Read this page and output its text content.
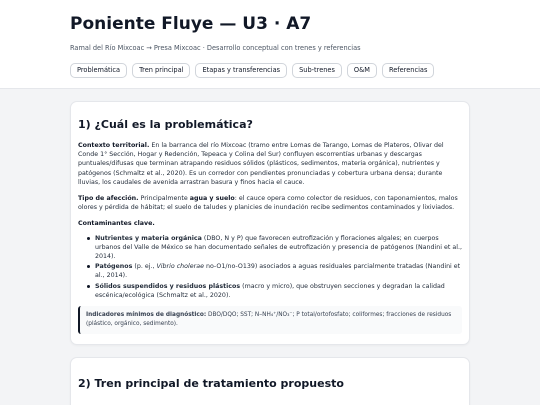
Poniente Fluye — U3 · A7
Ramal del Río Mixcoac → Presa Mixcoac · Desarrollo conceptual con trenes y referencias
Problemática	Tren principal	Etapas y transferencias	Sub-trenes	O&M	Referencias
1) ¿Cuál es la problemática?

Contexto territorial. En la barranca del río Mixcoac (tramo entre Lomas de Tarango, Lomas de Plateros, Olivar del Conde 1° Sección, Hogar y Redención, Tepeaca y Colina del Sur) confluyen escorrentías urbanas y descargas puntuales/difusas que terminan atrapando residuos sólidos (plásticos, sedimentos, materia orgánica), nutrientes y patógenos (Schmaltz et al., 2020). Es un corredor con pendientes pronunciadas y cobertura urbana densa; durante lluvias, los caudales de avenida arrastran basura y finos hacia el cauce.

Tipo de afección. Principalmente agua y suelo: el cauce opera como colector de residuos, con taponamientos, malos olores y pérdida de hábitat; el suelo de taludes y planicies de inundación recibe sedimentos contaminados y lixiviados.

Contaminantes clave.

Nutrientes y materia orgánica (DBO, N y P) que favorecen eutrofización y floraciones algales; en cuerpos urbanos del Valle de México se han documentado señales de eutrofización y presencia de patógenos (Nandini et al., 2014).
Patógenos (p. ej., Vibrio cholerae no-O1/no-O139) asociados a aguas residuales parcialmente tratadas (Nandini et al., 2014).
Sólidos suspendidos y residuos plásticos (macro y micro), que obstruyen secciones y degradan la calidad escénica/ecológica (Schmaltz et al., 2020).
Indicadores mínimos de diagnóstico: DBO/DQO; SST; N–NH₄⁺/NO₃⁻; P total/ortofosfato; coliformes; fracciones de residuos (plástico, orgánico, sedimento).
2) Tren principal de tratamiento propuesto
